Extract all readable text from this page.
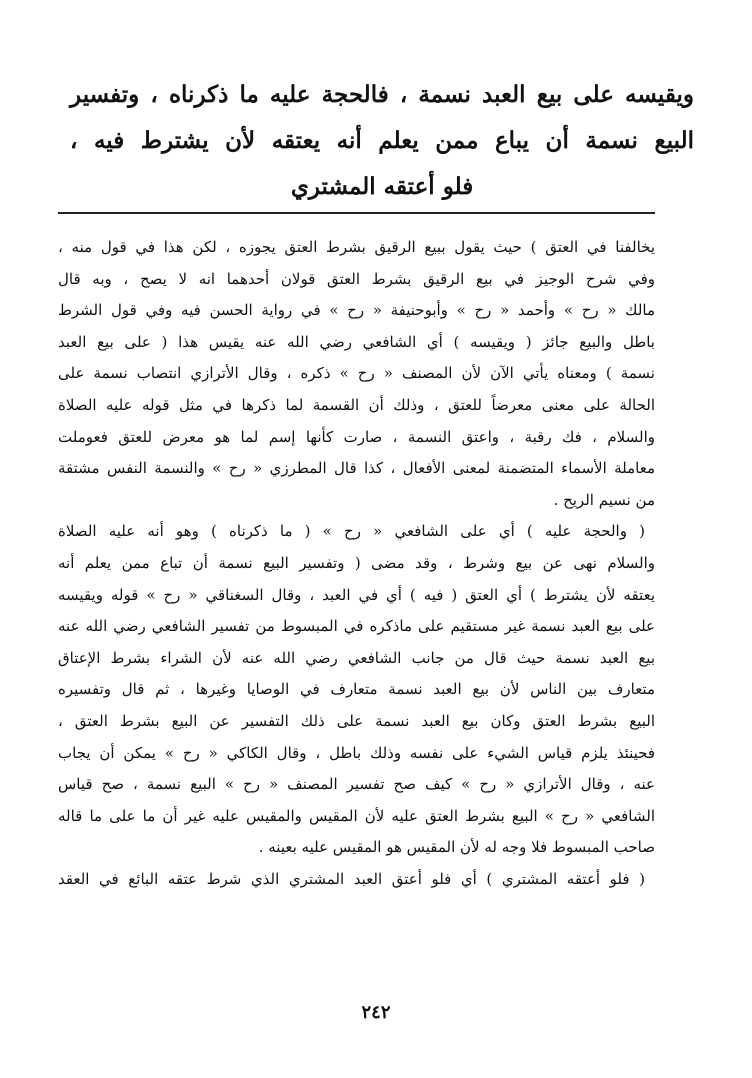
ويقيسه على بيع العبد نسمة ، فالحجة عليه ما ذكرناه ، وتفسير
البيع نسمة أن يباع ممن يعلم أنه يعتقه لأن يشترط فيه ،
فلو أعتقه المشتري
يخالفنا في العتق ) حيث يقول ببيع الرقيق بشرط العتق يجوزه ، لكن هذا في قول منه ،
وفي شرح الوجيز في بيع الرقيق بشرط العتق قولان أحدهما انه لا يصح ، وبه قال
مالك « رح » وأحمد « رح » وأبوحنيفة « رح » في رواية الحسن فيه وفي قول الشرط
باطل والبيع جائز ( ويقيسه ) أي الشافعي رضي الله عنه يقيس هذا ( على بيع العبد
نسمة ) ومعناه يأتي الآن لأن المصنف « رح » ذكره ، وقال الأترازي انتصاب نسمة على
الحالة على معنى معرضاً للعتق ، وذلك أن القسمة لما ذكرها في مثل قوله عليه الصلاة
والسلام ، فك رقبة ، واعتق النسمة ، صارت كأنها إسم لما هو معرض للعتق فعوملت
معاملة الأسماء المتضمنة لمعنى الأفعال ، كذا قال المطرزي « رح » والنسمة النفس مشتقة
من نسيم الريح .
( والحجة عليه ) أي على الشافعي « رح » ( ما ذكرناه ) وهو أنه عليه الصلاة
والسلام نهى عن بيع وشرط ، وقد مضى ( وتفسير البيع نسمة أن تباع ممن يعلم أنه
يعتقه لأن يشترط ) أي العتق ( فيه ) أي في العبد ، وقال السغناقي « رح » قوله ويقيسه
على بيع العبد نسمة غير مستقيم على ماذكره في المبسوط من تفسير الشافعي رضي الله عنه
بيع العبد نسمة حيث قال من جانب الشافعي رضي الله عنه لأن الشراء بشرط الإعتاق
متعارف بين الناس لأن بيع العبد نسمة متعارف في الوصايا وغيرها ، ثم قال وتفسيره
البيع بشرط العتق وكان بيع العبد نسمة على ذلك التفسير عن البيع بشرط العتق ،
فحينئذ يلزم قياس الشيء على نفسه وذلك باطل ، وقال الكاكي « رح » يمكن أن يجاب
عنه ، وقال الأترازي « رح » كيف صح تفسير المصنف « رح » البيع نسمة ، صح قياس
الشافعي « رح » البيع بشرط العتق عليه لأن المقيس والمقيس عليه غير أن ما على ما قاله
صاحب المبسوط فلا وجه له لأن المقيس هو المقيس عليه بعينه .
( فلو أعتقه المشتري ) أي فلو أعتق العبد المشتري الذي شرط عتقه البائع في العقد
٢٤٢
